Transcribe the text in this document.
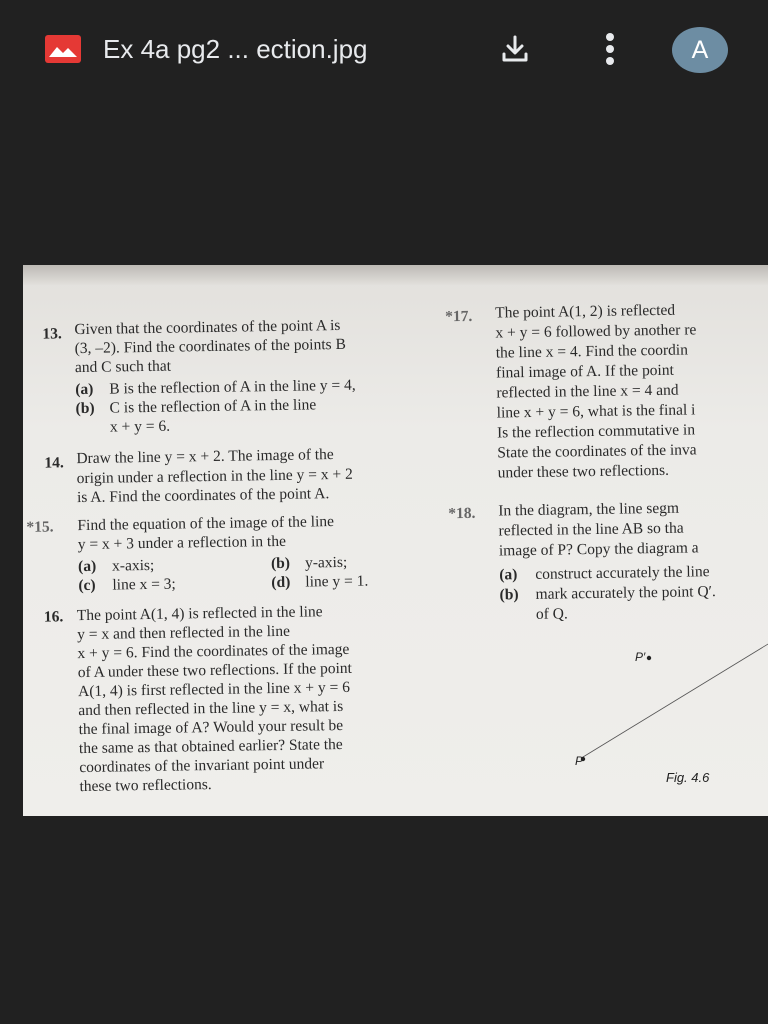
Ex 4a pg2 ... ection.jpg	A
13. Given that the coordinates of the point A is
(3, –2). Find the coordinates of the points B
and C such that
(a) B is the reflection of A in the line y = 4,
(b) C is the reflection of A in the line
x + y = 6.
14. Draw the line y = x + 2. The image of the
origin under a reflection in the line y = x + 2
is A. Find the coordinates of the point A.
*15. Find the equation of the image of the line
y = x + 3 under a reflection in the
(a) x-axis;	(b) y-axis;
(c) line x = 3;	(d) line y = 1.
16. The point A(1, 4) is reflected in the line
y = x and then reflected in the line
x + y = 6. Find the coordinates of the image
of A under these two reflections. If the point
A(1, 4) is first reflected in the line x + y = 6
and then reflected in the line y = x, what is
the final image of A? Would your result be
the same as that obtained earlier? State the
coordinates of the invariant point under
these two reflections.
*17. The point A(1, 2) is reflected
x + y = 6 followed by another re
the line x = 4. Find the coordin
final image of A. If the point
reflected in the line x = 4 and
line x + y = 6, what is the final i
Is the reflection commutative in
State the coordinates of the inva
under these two reflections.
*18. In the diagram, the line segm
reflected in the line AB so tha
image of P? Copy the diagram a
(a) construct accurately the line
(b) mark accurately the point Q′.
of Q.
P′
P
Fig. 4.6
